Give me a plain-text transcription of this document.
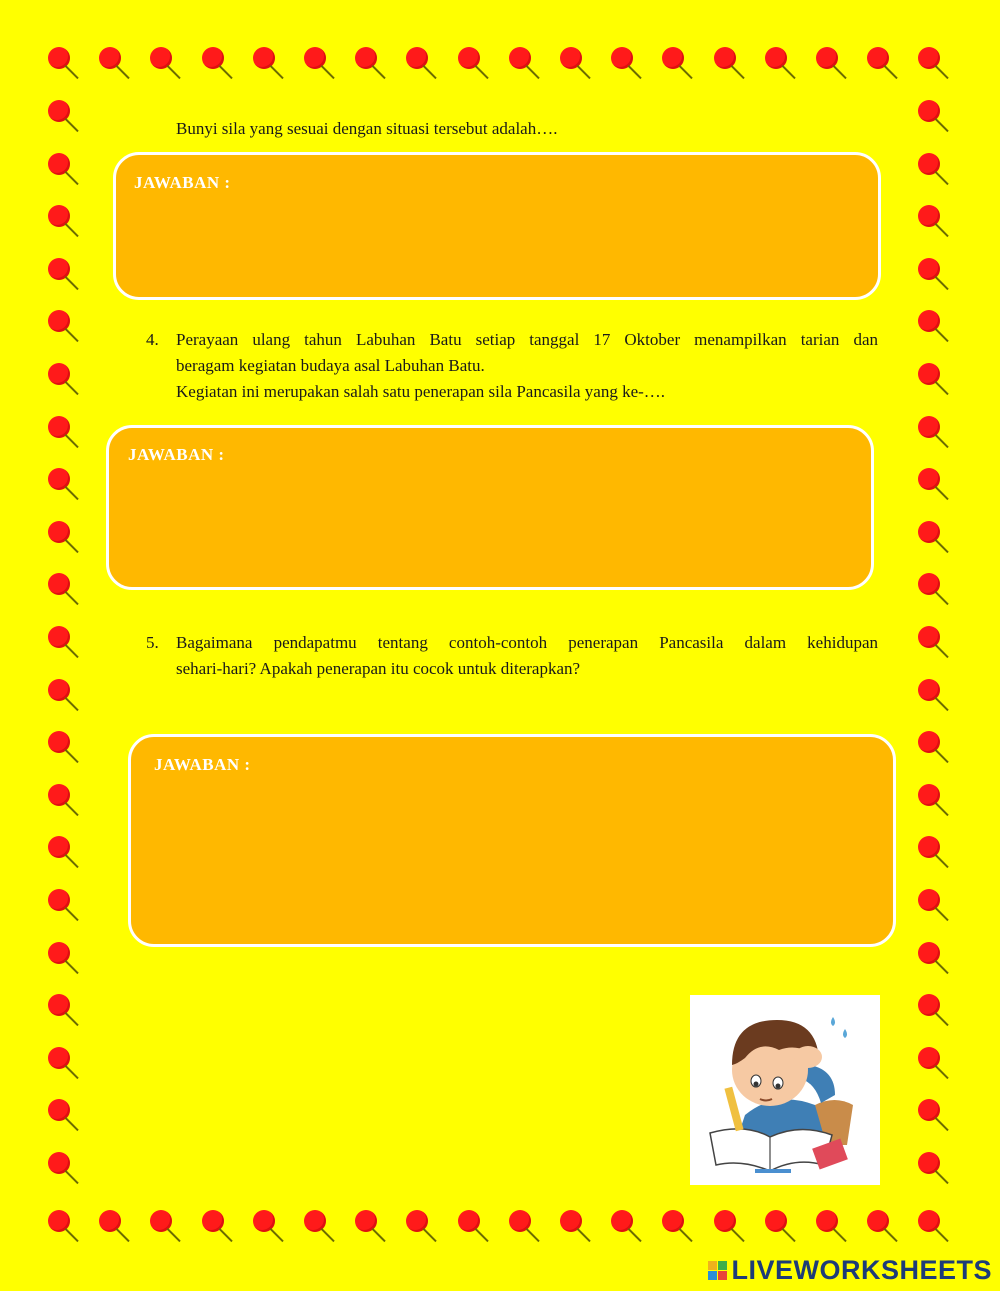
Bunyi sila yang sesuai dengan situasi tersebut adalah….

JAWABAN :
4. Perayaan ulang tahun Labuhan Batu setiap tanggal 17 Oktober menampilkan tarian dan

beragam kegiatan budaya asal Labuhan Batu.

Kegiatan ini merupakan salah satu penerapan sila Pancasila yang ke-….

JAWABAN :
5. Bagaimana pendapatmu tentang contoh-contoh penerapan Pancasila dalam kehidupan

sehari-hari? Apakah penerapan itu cocok untuk diterapkan?

JAWABAN :
LIVEWORKSHEETS
